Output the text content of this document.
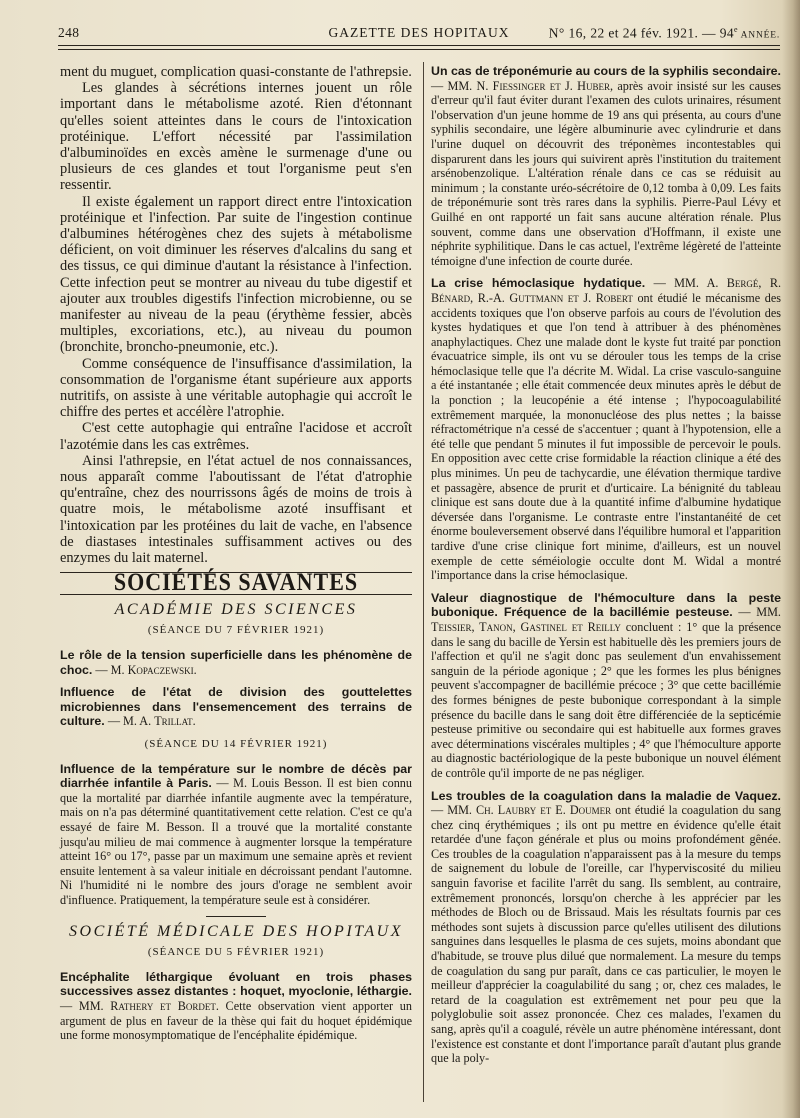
248	GAZETTE DES HOPITAUX	N° 16, 22 et 24 fév. 1921. — 94e ANNÉE.

ment du muguet, complication quasi-constante de l'athrepsie.

Les glandes à sécrétions internes jouent un rôle important dans le métabolisme azoté. Rien d'étonnant qu'elles soient atteintes dans le cours de l'intoxication protéinique. L'effort nécessité par l'assimilation d'albuminoïdes en excès amène le surmenage d'une ou plusieurs de ces glandes et tout l'organisme peut s'en ressentir.

Il existe également un rapport direct entre l'intoxication protéinique et l'infection. Par suite de l'ingestion continue d'albumines hétérogènes chez des sujets à métabolisme déficient, on voit diminuer les réserves d'alcalins du sang et des tissus, ce qui diminue d'autant la résistance à l'infection. Cette infection peut se montrer au niveau du tube digestif et ajouter aux troubles digestifs l'infection microbienne, ou se manifester au niveau de la peau (érythème fessier, abcès multiples, excoriations, etc.), au niveau du poumon (bronchite, broncho-pneumonie, etc.).

Comme conséquence de l'insuffisance d'assimilation, la consommation de l'organisme étant supérieure aux apports nutritifs, on assiste à une véritable autophagie qui accroît le chiffre des pertes et accélère l'atrophie.

C'est cette autophagie qui entraîne l'acidose et accroît l'azotémie dans les cas extrêmes.

Ainsi l'athrepsie, en l'état actuel de nos connaissances, nous apparaît comme l'aboutissant de l'état d'atrophie qu'entraîne, chez des nourrissons âgés de moins de trois à quatre mois, le métabolisme azoté insuffisant et l'intoxication par les protéines du lait de vache, en l'absence de diastases intestinales suffisamment actives ou des enzymes du lait maternel.

SOCIÉTÉS SAVANTES
ACADÉMIE DES SCIENCES
(SÉANCE DU 7 FÉVRIER 1921)

Le rôle de la tension superficielle dans les phénomène de choc. — M. Kopaczewski.

Influence de l'état de division des gouttelettes microbiennes dans l'ensemencement des terrains de culture. — M. A. Trillat.

(SÉANCE DU 14 FÉVRIER 1921)

Influence de la température sur le nombre de décès par diarrhée infantile à Paris. — M. Louis Besson. Il est bien connu que la mortalité par diarrhée infantile augmente avec la température, mais on n'a pas déterminé quantitativement cette relation. C'est ce qu'a essayé de faire M. Besson. Il a trouvé que la mortalité constante jusqu'au milieu de mai commence à augmenter lorsque la température atteint 16° ou 17°, passe par un maximum une semaine après et revient ensuite lentement à sa valeur initiale en décroissant pendant l'automne. Ni l'humidité ni le nombre des jours d'orage ne semblent avoir d'influence. Pratiquement, la température seule est à considérer.

SOCIÉTÉ MÉDICALE DES HOPITAUX
(SÉANCE DU 5 FÉVRIER 1921)

Encéphalite léthargique évoluant en trois phases successives assez distantes : hoquet, myoclonie, léthargie. — MM. Rathery et Bordet. Cette observation vient apporter un argument de plus en faveur de la thèse qui fait du hoquet épidémique une forme monosymptomatique de l'encéphalite épidémique.

Un cas de tréponémurie au cours de la syphilis secondaire. — MM. N. Fiessinger et J. Huber, après avoir insisté sur les causes d'erreur qu'il faut éviter durant l'examen des culots urinaires, résument l'observation d'un jeune homme de 19 ans qui présenta, au cours d'une syphilis secondaire, une légère albuminurie avec cylindrurie et dans l'urine duquel on découvrit des tréponèmes incontestables qui disparurent dans les jours qui suivirent après l'institution du traitement arsénobenzolique. L'altération rénale dans ce cas se réduisit au minimum ; la constante uréo-sécrétoire de 0,12 tomba à 0,09. Les faits de tréponémurie sont très rares dans la syphilis. Pierre-Paul Lévy et Guilhé en ont rapporté un fait sans aucune altération rénale. Plus souvent, comme dans une observation d'Hoffmann, il existe une néphrite syphilitique. Dans le cas actuel, l'extrême légèreté de l'atteinte témoigne d'une infection de courte durée.

La crise hémoclasique hydatique. — MM. A. Bergé, R. Bénard, R.-A. Guttmann et J. Robert ont étudié le mécanisme des accidents toxiques que l'on observe parfois au cours de l'évolution des kystes hydatiques et que l'on tend à attribuer à des phénomènes anaphylactiques. Chez une malade dont le kyste fut traité par ponction évacuatrice simple, ils ont vu se dérouler tous les temps de la crise hémoclasique telle que l'a décrite M. Widal. La crise vasculo-sanguine a été instantanée ; elle était commencée deux minutes après le début de la ponction ; la leucopénie a été intense ; l'hypocoagulabilité extrêmement marquée, la mononucléose des plus nettes ; la baisse réfractométrique n'a cessé de s'accentuer ; quant à l'hypotension, elle a été telle que pendant 5 minutes il fut impossible de percevoir le pouls. En opposition avec cette crise formidable la réaction clinique a été des plus minimes. Un peu de tachycardie, une élévation thermique tardive et passagère, absence de prurit et d'urticaire. La bénignité du tableau clinique est sans doute due à la quantité infime d'albumine hydatique déversée dans l'organisme. Le contraste entre l'instantanéité de cet énorme bouleversement observé dans l'équilibre humoral et l'apparition tardive d'une crise clinique fort minime, d'ailleurs, est un nouvel exemple de cette séméiologie occulte dont M. Widal a montré l'importance dans la crise hémoclasique.

Valeur diagnostique de l'hémoculture dans la peste bubonique. Fréquence de la bacillémie pesteuse. — MM. Teissier, Tanon, Gastinel et Reilly concluent : 1° que la présence dans le sang du bacille de Yersin est habituelle dès les premiers jours de l'affection et qu'il ne s'agit donc pas seulement d'un envahissement sanguin de la période agonique ; 2° que les formes les plus bénignes peuvent s'accompagner de bacillémie précoce ; 3° que cette bacillémie des formes bénignes de peste bubonique correspondant à la simple présence du bacille dans le sang doit être différenciée de la septicémie pesteuse primitive ou secondaire qui est habituelle aux formes graves avec déterminations viscérales multiples ; 4° que l'hémoculture apporte au diagnostic bactériologique de la peste bubonique un nouvel élément de contrôle qu'il importe de ne pas négliger.

Les troubles de la coagulation dans la maladie de Vaquez. — MM. Ch. Laubry et E. Doumer ont étudié la coagulation du sang chez cinq érythémiques ; ils ont pu mettre en évidence qu'elle était retardée d'une façon générale et plus ou moins profondément gênée. Ces troubles de la coagulation n'apparaissent pas à la mesure du temps de saignement du lobule de l'oreille, car l'hyperviscosité du milieu sanguin favorise et facilite l'arrêt du sang. Ils semblent, au contraire, extrêmement prononcés, lorsqu'on cherche à les apprécier par les méthodes de Bloch ou de Brissaud. Mais les résultats fournis par ces méthodes sont sujets à discussion parce qu'elles utilisent des dilutions sanguines dans lesquelles le plasma de ces sujets, moins abondant que d'habitude, se trouve plus dilué que normalement. La mesure du temps de coagulation du sang pur paraît, dans ce cas particulier, le moyen le meilleur d'apprécier la coagulabilité du sang ; or, chez ces malades, le retard de la coagulation est extrêmement net pour peu que la polyglobulie soit assez prononcée. Chez ces malades, l'examen du sang, après qu'il a coagulé, révèle un autre phénomène intéressant, dont l'existence est constante et dont l'importance paraît d'autant plus grande que la poly-
